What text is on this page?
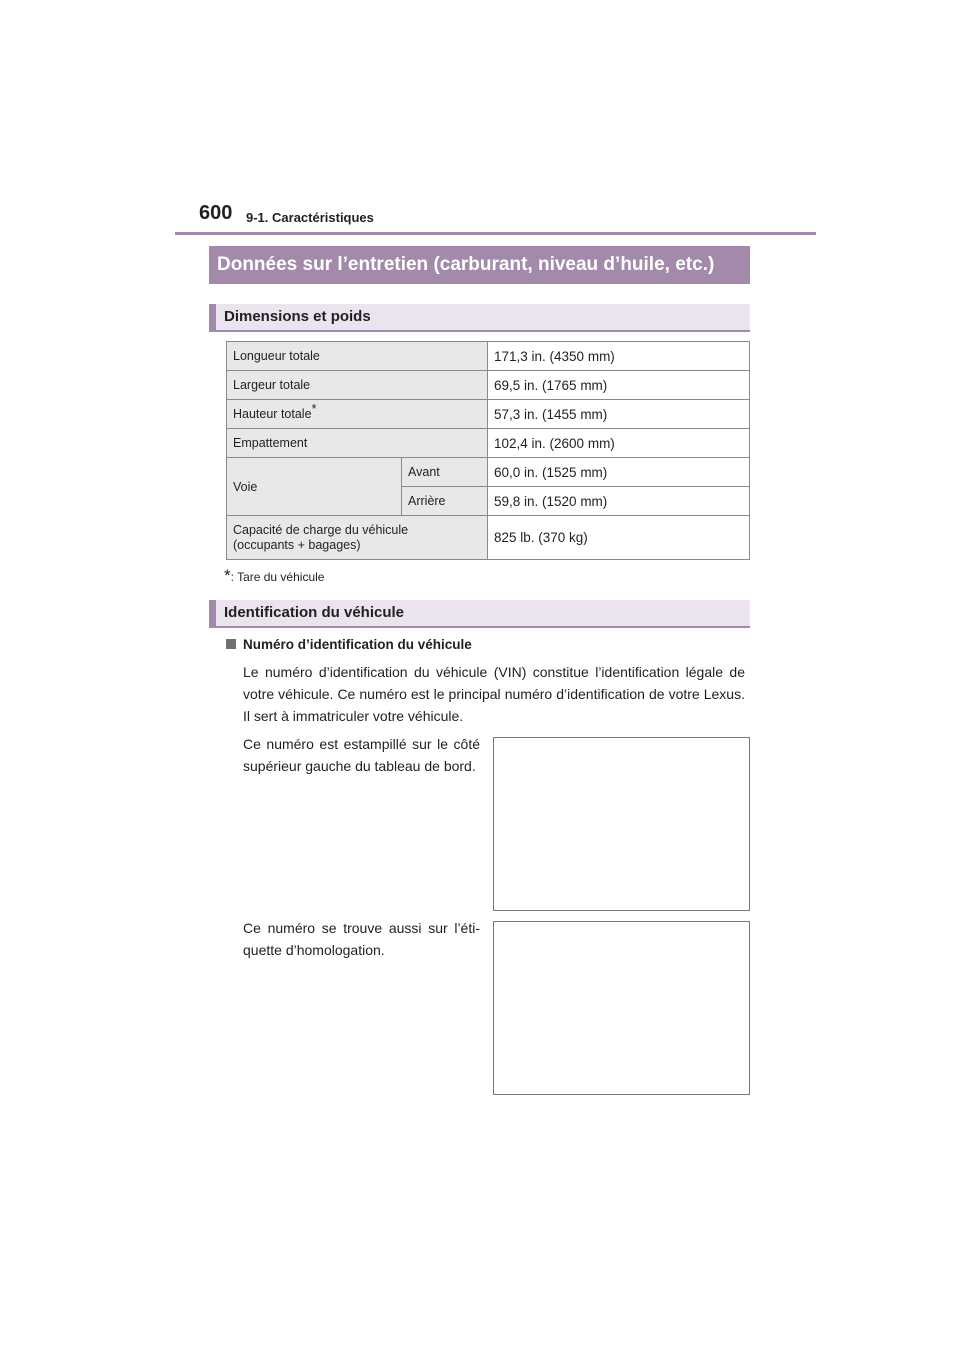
600 9-1. Caractéristiques
Données sur l’entretien (carburant, niveau d’huile, etc.)
Dimensions et poids
Longueur totale		171,3 in. (4350 mm)
Largeur totale		69,5 in. (1765 mm)
Hauteur totale*		57,3 in. (1455 mm)
Empattement		102,4 in. (2600 mm)
Voie	Avant	60,0 in. (1525 mm)
	Arrière	59,8 in. (1520 mm)
Capacité de charge du véhicule
(occupants + bagages)		825 lb. (370 kg)
*: Tare du véhicule
Identification du véhicule
Numéro d’identification du véhicule
Le numéro d’identification du véhicule (VIN) constitue l’identification légale de votre véhicule. Ce numéro est le principal numéro d’identification de votre Lexus. Il sert à immatriculer votre véhicule.
Ce numéro est estampillé sur le côté supérieur gauche du tableau de bord.
Ce numéro se trouve aussi sur l’éti-quette d’homologation.
